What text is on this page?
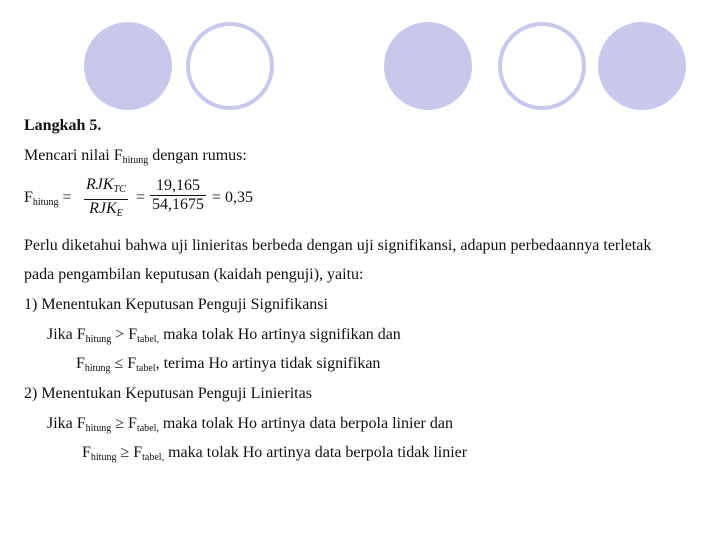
Langkah 5.
Mencari nilai $F_{hitung}$ dengan rumus:
$F_{hitung}$ =
$RJK_{TC}$
$RJK_E$
= $\frac{19,165}{54,1675} = 0,35$
Perlu diketahui bahwa uji linieritas berbeda dengan uji signifikansi, adapun perbedaannya terletak
pada pengambilan keputusan (kaidah penguji), yaitu:
1) Menentukan Keputusan Penguji Signifikansi
Jika $F_{hitung} > F_{tabel,}$ maka tolak Ho artinya signifikan dan
$F_{hitung} \le F_{tabel}$, terima Ho artinya tidak signifikan
2) Menentukan Keputusan Penguji Linieritas
Jika $F_{hitung} \ge F_{tabel,}$ maka tolak Ho artinya data berpola linier dan
$F_{hitung} \ge F_{tabel,}$ maka tolak Ho artinya data berpola tidak linier
